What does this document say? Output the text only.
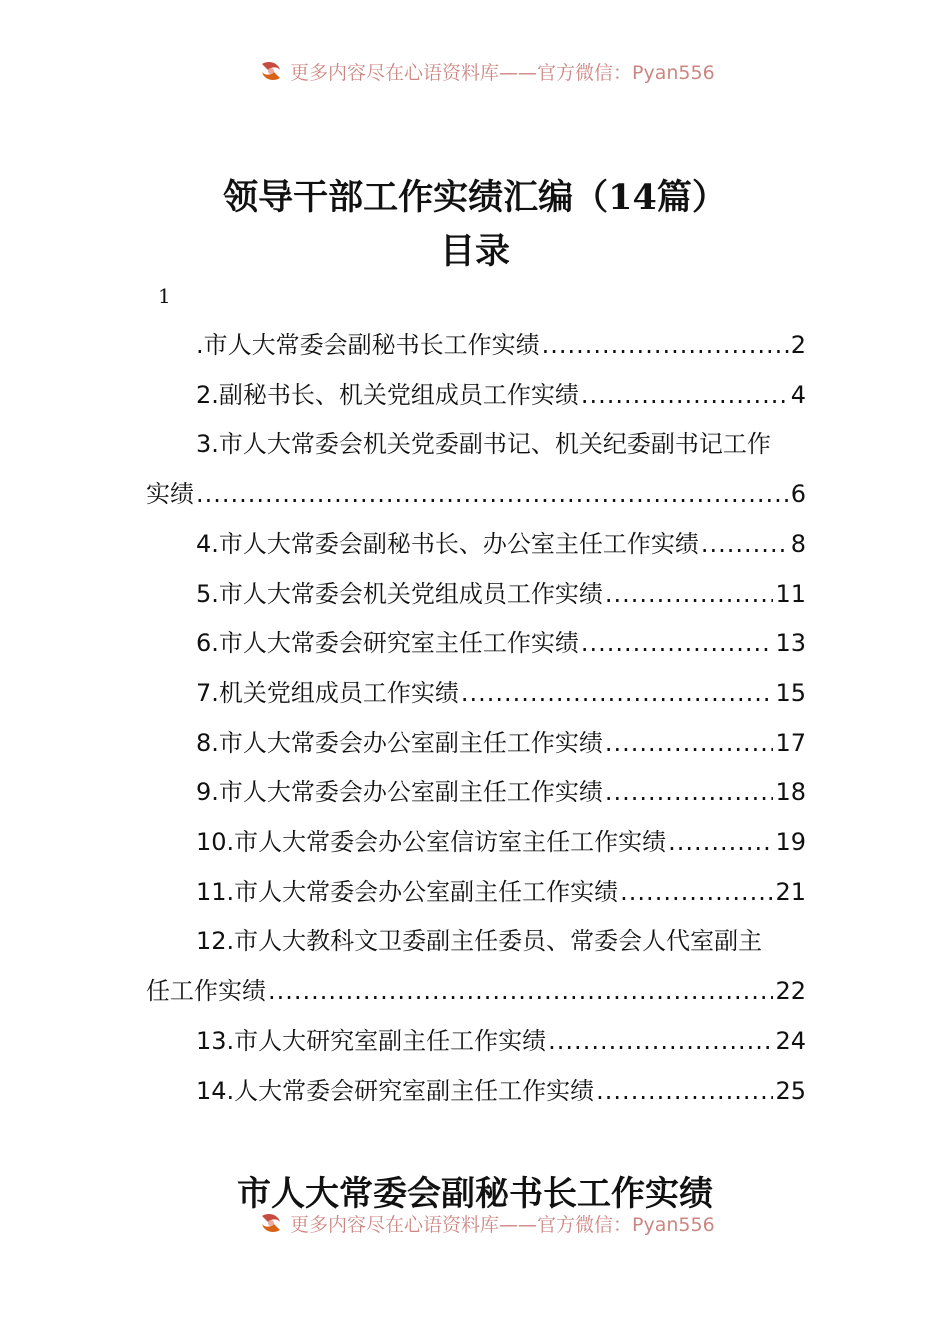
更多内容尽在心语资料库——官方微信：Pyan556
领导干部工作实绩汇编（14篇）
目录
1
.市人大常委会副秘书长工作实绩 .....	2
2.副秘书长、机关党组成员工作实绩 .....	4
3.市人大常委会机关党委副书记、机关纪委副书记工作
实绩 .....	6
4.市人大常委会副秘书长、办公室主任工作实绩 .....	8
5.市人大常委会机关党组成员工作实绩 .....	11
6.市人大常委会研究室主任工作实绩 .....	13
7.机关党组成员工作实绩 .....	15
8.市人大常委会办公室副主任工作实绩 .....	17
9.市人大常委会办公室副主任工作实绩 .....	18
10.市人大常委会办公室信访室主任工作实绩 .....	19
11.市人大常委会办公室副主任工作实绩 .....	21
12.市人大教科文卫委副主任委员、常委会人代室副主
任工作实绩 .....	22
13.市人大研究室副主任工作实绩 .....	24
14.人大常委会研究室副主任工作实绩 .....	25
市人大常委会副秘书长工作实绩
更多内容尽在心语资料库——官方微信：Pyan556
